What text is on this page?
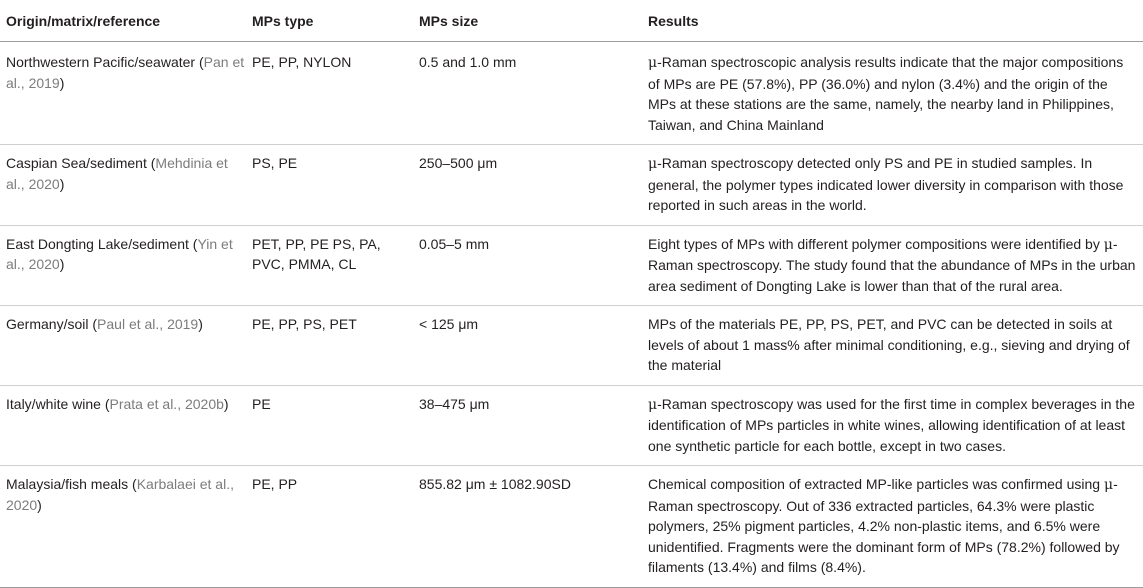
Origin/matrix/reference	MPs type	MPs size	Results
Northwestern Pacific/seawater (Pan et al., 2019)	PE, PP, NYLON	0.5 and 1.0 mm	μ-Raman spectroscopic analysis results indicate that the major compositions of MPs are PE (57.8%), PP (36.0%) and nylon (3.4%) and the origin of the MPs at these stations are the same, namely, the nearby land in Philippines, Taiwan, and China Mainland
Caspian Sea/sediment (Mehdinia et al., 2020)	PS, PE	250–500 μm	μ-Raman spectroscopy detected only PS and PE in studied samples. In general, the polymer types indicated lower diversity in comparison with those reported in such areas in the world.
East Dongting Lake/sediment (Yin et al., 2020)	PET, PP, PE PS, PA, PVC, PMMA, CL	0.05–5 mm	Eight types of MPs with different polymer compositions were identified by μ-Raman spectroscopy. The study found that the abundance of MPs in the urban area sediment of Dongting Lake is lower than that of the rural area.
Germany/soil (Paul et al., 2019)	PE, PP, PS, PET	< 125 μm	MPs of the materials PE, PP, PS, PET, and PVC can be detected in soils at levels of about 1 mass% after minimal conditioning, e.g., sieving and drying of the material
Italy/white wine (Prata et al., 2020b)	PE	38–475 μm	μ-Raman spectroscopy was used for the first time in complex beverages in the identification of MPs particles in white wines, allowing identification of at least one synthetic particle for each bottle, except in two cases.
Malaysia/fish meals (Karbalaei et al., 2020)	PE, PP	855.82 μm ± 1082.90SD	Chemical composition of extracted MP-like particles was confirmed using μ-Raman spectroscopy. Out of 336 extracted particles, 64.3% were plastic polymers, 25% pigment particles, 4.2% non-plastic items, and 6.5% were unidentified. Fragments were the dominant form of MPs (78.2%) followed by filaments (13.4%) and films (8.4%).
